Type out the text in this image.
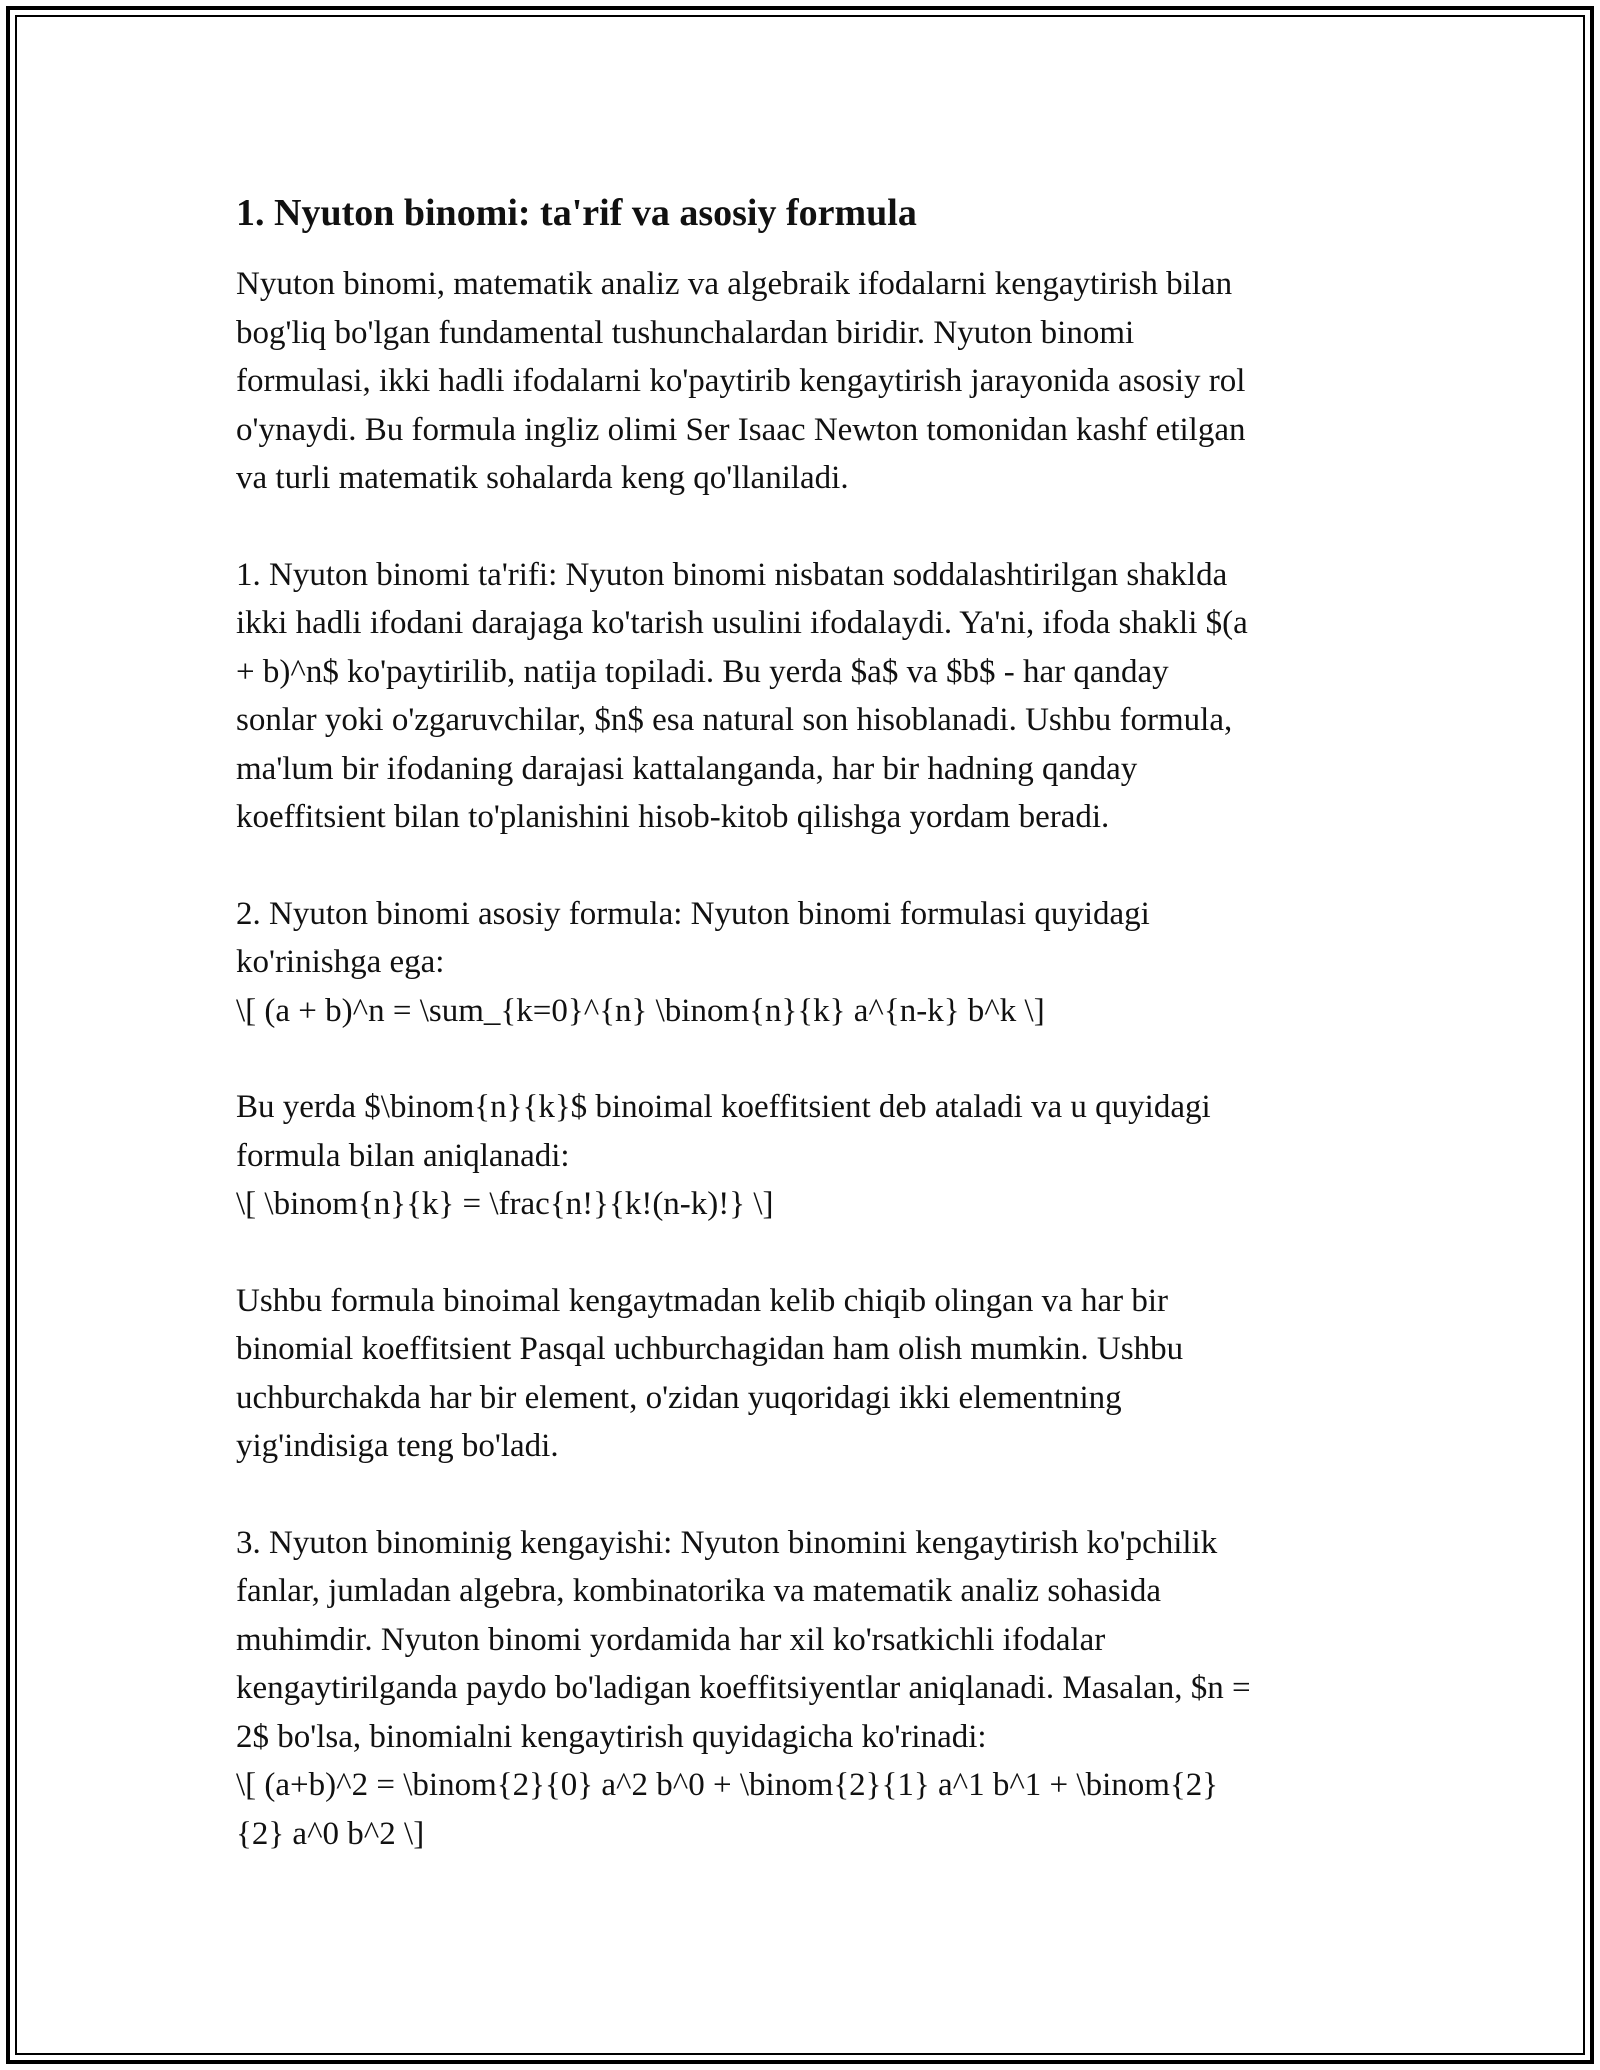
1. Nyuton binomi: ta'rif va asosiy formula

Nyuton binomi, matematik analiz va algebraik ifodalarni kengaytirish bilan
bog'liq bo'lgan fundamental tushunchalardan biridir. Nyuton binomi
formulasi, ikki hadli ifodalarni ko'paytirib kengaytirish jarayonida asosiy rol
o'ynaydi. Bu formula ingliz olimi Ser Isaac Newton tomonidan kashf etilgan
va turli matematik sohalarda keng qo'llaniladi.

1. Nyuton binomi ta'rifi: Nyuton binomi nisbatan soddalashtirilgan shaklda
ikki hadli ifodani darajaga ko'tarish usulini ifodalaydi. Ya'ni, ifoda shakli $(a
+ b)^n$ ko'paytirilib, natija topiladi. Bu yerda $a$ va $b$ - har qanday
sonlar yoki o'zgaruvchilar, $n$ esa natural son hisoblanadi. Ushbu formula,
ma'lum bir ifodaning darajasi kattalanganda, har bir hadning qanday
koeffitsient bilan to'planishini hisob-kitob qilishga yordam beradi.

2. Nyuton binomi asosiy formula: Nyuton binomi formulasi quyidagi
ko'rinishga ega:
\[ (a + b)^n = \sum_{k=0}^{n} \binom{n}{k} a^{n-k} b^k \]

Bu yerda $\binom{n}{k}$ binoimal koeffitsient deb ataladi va u quyidagi
formula bilan aniqlanadi:
\[ \binom{n}{k} = \frac{n!}{k!(n-k)!} \]

Ushbu formula binoimal kengaytmadan kelib chiqib olingan va har bir
binomial koeffitsient Pasqal uchburchagidan ham olish mumkin. Ushbu
uchburchakda har bir element, o'zidan yuqoridagi ikki elementning
yig'indisiga teng bo'ladi.

3. Nyuton binominig kengayishi: Nyuton binomini kengaytirish ko'pchilik
fanlar, jumladan algebra, kombinatorika va matematik analiz sohasida
muhimdir. Nyuton binomi yordamida har xil ko'rsatkichli ifodalar
kengaytirilganda paydo bo'ladigan koeffitsiyentlar aniqlanadi. Masalan, $n =
2$ bo'lsa, binomialni kengaytirish quyidagicha ko'rinadi:
\[ (a+b)^2 = \binom{2}{0} a^2 b^0 + \binom{2}{1} a^1 b^1 + \binom{2}
{2} a^0 b^2 \]
